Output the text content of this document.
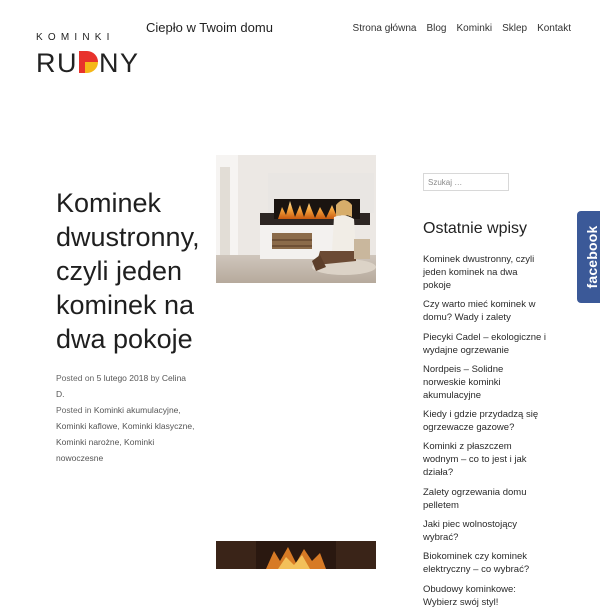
KOMINKI
RU NY
Ciepło w Twoim domu	Strona główna Blog Kominki Sklep Kontakt
Kominek dwustronny, czyli jeden kominek na dwa pokoje
Posted on 5 lutego 2018 by Celina D.
Posted in Kominki akumulacyjne, Kominki kaflowe, Kominki klasyczne, Kominki narożne, Kominki nowoczesne
Szukaj …
Ostatnie wpisy
Kominek dwustronny, czyli jeden kominek na dwa pokoje
Czy warto mieć kominek w domu? Wady i zalety
Piecyki Cadel – ekologiczne i wydajne ogrzewanie
Nordpeis – Solidne norweskie kominki akumulacyjne
Kiedy i gdzie przydadzą się ogrzewacze gazowe?
Kominki z płaszczem wodnym – co to jest i jak działa?
Zalety ogrzewania domu pelletem
Jaki piec wolnostojący wybrać?
Biokominek czy kominek elektryczny – co wybrać?
Obudowy kominkowe: Wybierz swój styl!
facebook
